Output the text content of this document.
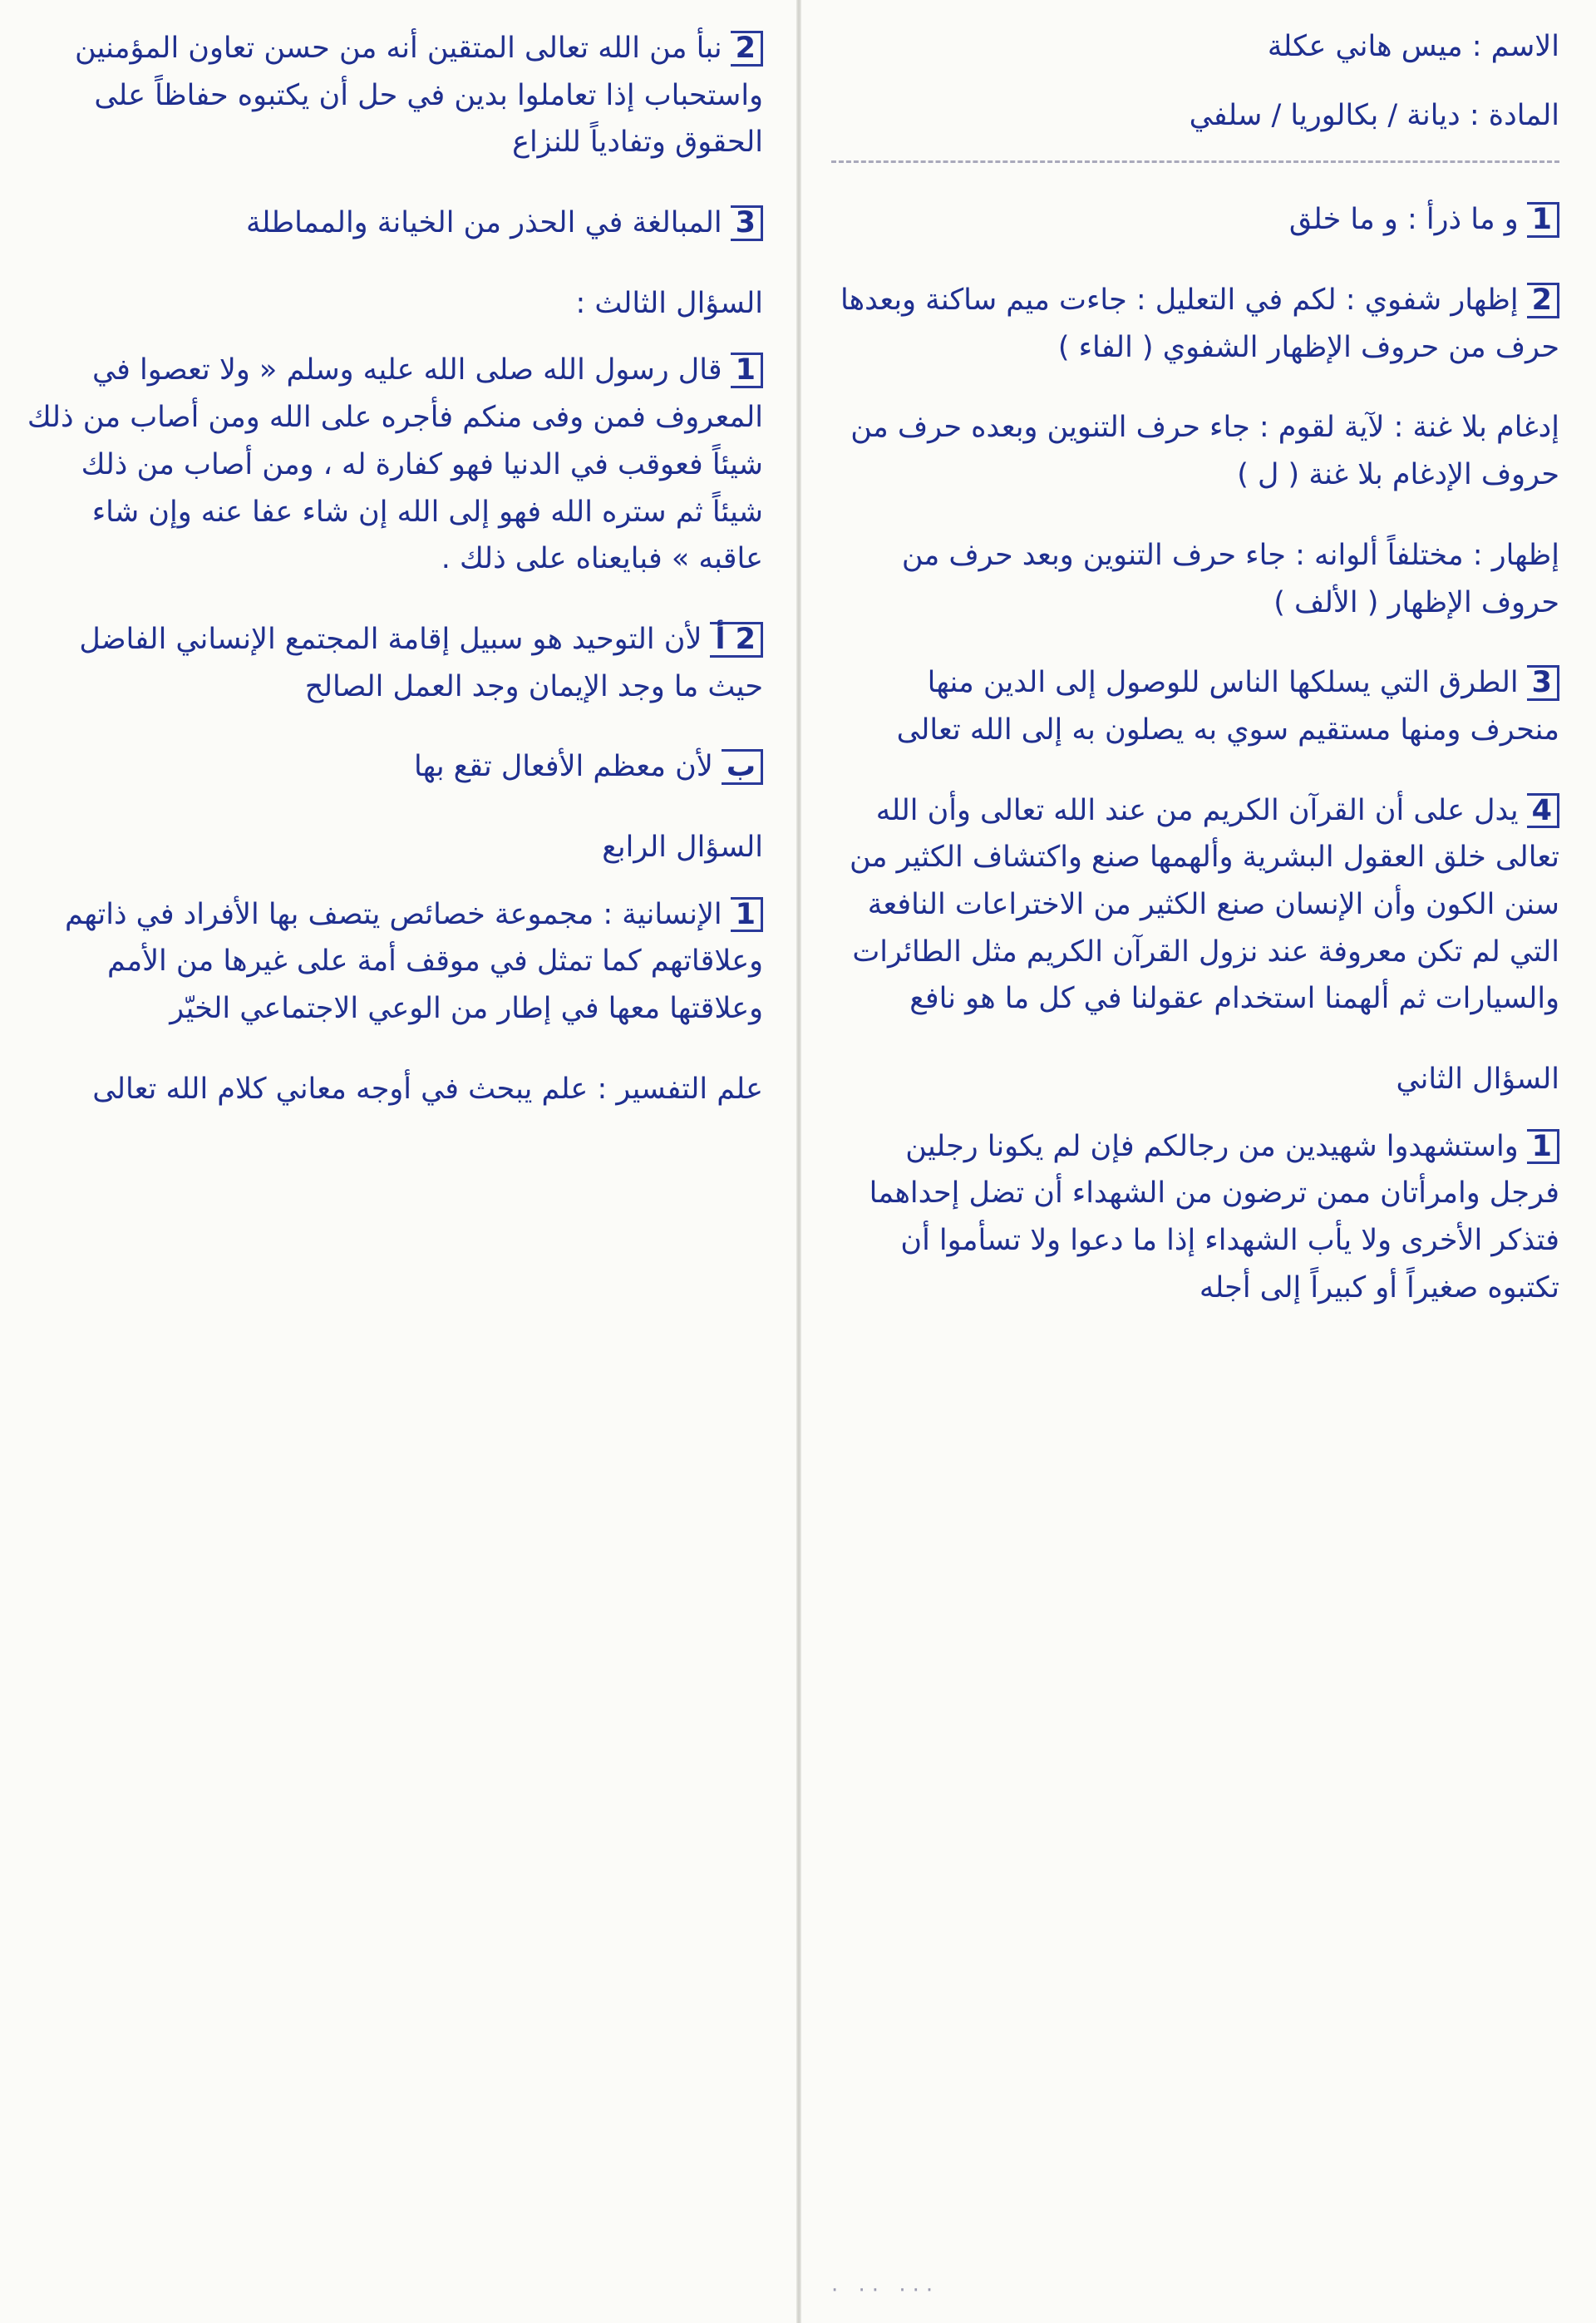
الاسم : ميس هاني عكلة

المادة : ديانة / بكالوريا / سلفي

1و ما ذرأ : و ما خلق
2إظهار شفوي : لكم في التعليل : جاءت ميم ساكنة وبعدها حرف من حروف الإظهار الشفوي ( الفاء )
إدغام بلا غنة : لآية لقوم : جاء حرف التنوين وبعده حرف من حروف الإدغام بلا غنة ( ل )
إظهار : مختلفاً ألوانه : جاء حرف التنوين وبعد حرف من حروف الإظهار ( الألف )
3الطرق التي يسلكها الناس للوصول إلى الدين منها منحرف ومنها مستقيم سوي به يصلون به إلى الله تعالى
4يدل على أن القرآن الكريم من عند الله تعالى وأن الله تعالى خلق العقول البشرية وألهمها صنع واكتشاف الكثير من سنن الكون وأن الإنسان صنع الكثير من الاختراعات النافعة التي لم تكن معروفة عند نزول القرآن الكريم مثل الطائرات والسيارات ثم ألهمنا استخدام عقولنا في كل ما هو نافع

السؤال الثاني

1واستشهدوا شهيدين من رجالكم فإن لم يكونا رجلين فرجل وامرأتان ممن ترضون من الشهداء أن تضل إحداهما فتذكر الأخرى ولا يأب الشهداء إذا ما دعوا ولا تسأموا أن تكتبوه صغيراً أو كبيراً إلى أجله
2نبأ من الله تعالى المتقين أنه من حسن تعاون المؤمنين واستحباب إذا تعاملوا بدين في حل أن يكتبوه حفاظاً على الحقوق وتفادياً للنزاع
3المبالغة في الحذر من الخيانة والمماطلة

السؤال الثالث :

1قال رسول الله صلى الله عليه وسلم « ولا تعصوا في المعروف فمن وفى منكم فأجره على الله ومن أصاب من ذلك شيئاً فعوقب في الدنيا فهو كفارة له ، ومن أصاب من ذلك شيئاً ثم ستره الله فهو إلى الله إن شاء عفا عنه وإن شاء عاقبه » فبايعناه على ذلك .
2 ألأن التوحيد هو سبيل إقامة المجتمع الإنساني الفاضل حيث ما وجد الإيمان وجد العمل الصالح
بلأن معظم الأفعال تقع بها

السؤال الرابع

1الإنسانية : مجموعة خصائص يتصف بها الأفراد في ذاتهم وعلاقاتهم كما تمثل في موقف أمة على غيرها من الأمم وعلاقتها معها في إطار من الوعي الاجتماعي الخيّر
علم التفسير : علم يبحث في أوجه معاني كلام الله تعالى
··· ·· ·
